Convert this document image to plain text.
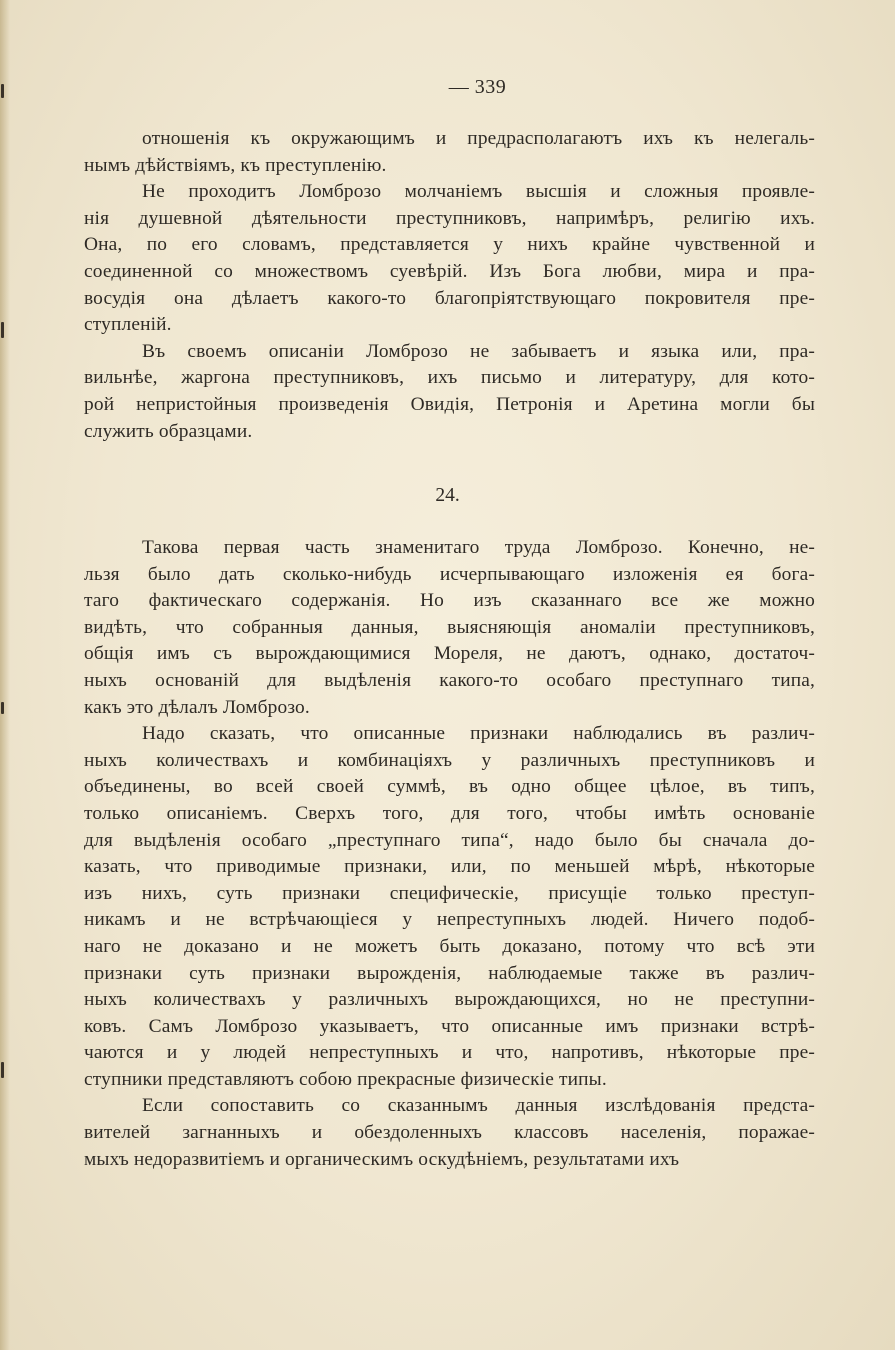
— 339
отношенія къ окружающимъ и предрасполагаютъ ихъ къ нелегаль-
нымъ дѣйствіямъ, къ преступленію.
Не проходитъ Ломброзо молчаніемъ высшія и сложныя проявле-
нія душевной дѣятельности преступниковъ, напримѣръ, религію ихъ.
Она, по его словамъ, представляется у нихъ крайне чувственной и
соединенной со множествомъ суевѣрій. Изъ Бога любви, мира и пра-
восудія она дѣлаетъ какого-то благопріятствующаго покровителя пре-
ступленій.
Въ своемъ описаніи Ломброзо не забываетъ и языка или, пра-
вильнѣе, жаргона преступниковъ, ихъ письмо и литературу, для кото-
рой непристойныя произведенія Овидія, Петронія и Аретина могли бы
служить образцами.
24.
Такова первая часть знаменитаго труда Ломброзо. Конечно, не-
льзя было дать сколько-нибудь исчерпывающаго изложенія ея бога-
таго фактическаго содержанія. Но изъ сказаннаго все же можно
видѣть, что собранныя данныя, выясняющія аномаліи преступниковъ,
общія имъ съ вырождающимися Мореля, не даютъ, однако, достаточ-
ныхъ основаній для выдѣленія какого-то особаго преступнаго типа,
какъ это дѣлалъ Ломброзо.
Надо сказать, что описанные признаки наблюдались въ различ-
ныхъ количествахъ и комбинаціяхъ у различныхъ преступниковъ и
объединены, во всей своей суммѣ, въ одно общее цѣлое, въ типъ,
только описаніемъ. Сверхъ того, для того, чтобы имѣть основаніе
для выдѣленія особаго „преступнаго типа“, надо было бы сначала до-
казать, что приводимые признаки, или, по меньшей мѣрѣ, нѣкоторые
изъ нихъ, суть признаки специфическіе, присущіе только преступ-
никамъ и не встрѣчающіеся у непреступныхъ людей. Ничего подоб-
наго не доказано и не можетъ быть доказано, потому что всѣ эти
признаки суть признаки вырожденія, наблюдаемые также въ различ-
ныхъ количествахъ у различныхъ вырождающихся, но не преступни-
ковъ. Самъ Ломброзо указываетъ, что описанные имъ признаки встрѣ-
чаются и у людей непреступныхъ и что, напротивъ, нѣкоторые пре-
ступники представляютъ собою прекрасные физическіе типы.
Если сопоставить со сказаннымъ данныя изслѣдованія предста-
вителей загнанныхъ и обездоленныхъ классовъ населенія, поражае-
мыхъ недоразвитіемъ и органическимъ оскудѣніемъ, результатами ихъ
